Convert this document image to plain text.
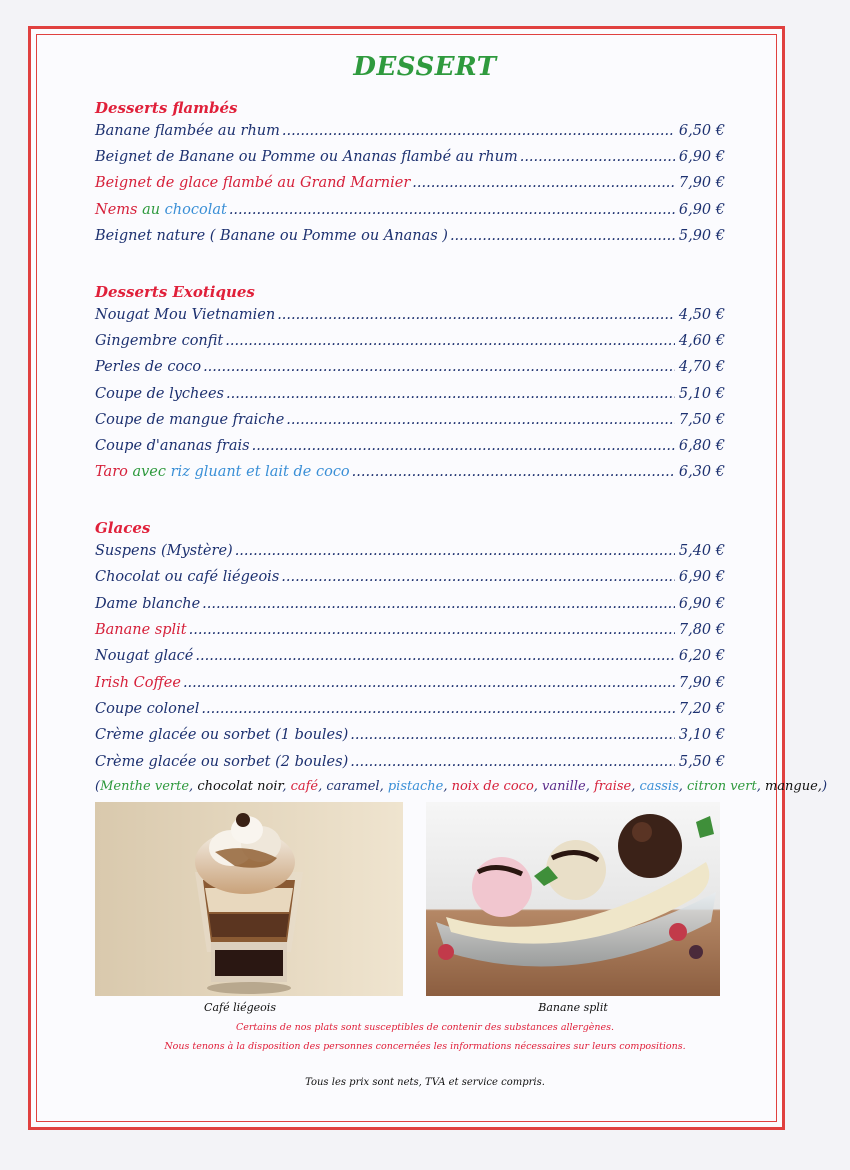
DESSERT
Desserts flambés
Banane flambée au rhum .....	6,50 €
Beignet de Banane ou Pomme ou Ananas flambé au rhum .....	6,90 €
Beignet de glace flambé au Grand Marnier .....	7,90 €
Nems au chocolat .....	6,90 €
Beignet nature ( Banane ou Pomme ou Ananas ) .....	5,90 €
Desserts Exotiques
Nougat Mou Vietnamien .....	4,50 €
Gingembre confit .....	4,60 €
Perles de coco .....	4,70 €
Coupe de lychees .....	5,10 €
Coupe de mangue fraiche .....	7,50 €
Coupe d'ananas frais .....	6,80 €
Taro avec riz gluant et lait de coco .....	6,30 €
Glaces
Suspens (Mystère) .....	5,40 €
Chocolat ou café liégeois .....	6,90 €
Dame blanche .....	6,90 €
Banane split .....	7,80 €
Nougat glacé .....	6,20 €
Irish Coffee .....	7,90 €
Coupe colonel .....	7,20 €
Crème glacée ou sorbet (1 boules) .....	3,10 €
Crème glacée ou sorbet (2 boules) .....	5,50 €
(Menthe verte, chocolat noir, café, caramel, pistache, noix de coco, vanille, fraise, cassis, citron vert, mangue,)
Café liégeois	Banane split
Certains de nos plats sont susceptibles de contenir des substances allergènes.
Nous tenons à la disposition des personnes concernées les informations nécessaires sur leurs compositions.
Tous les prix sont nets, TVA et service compris.
